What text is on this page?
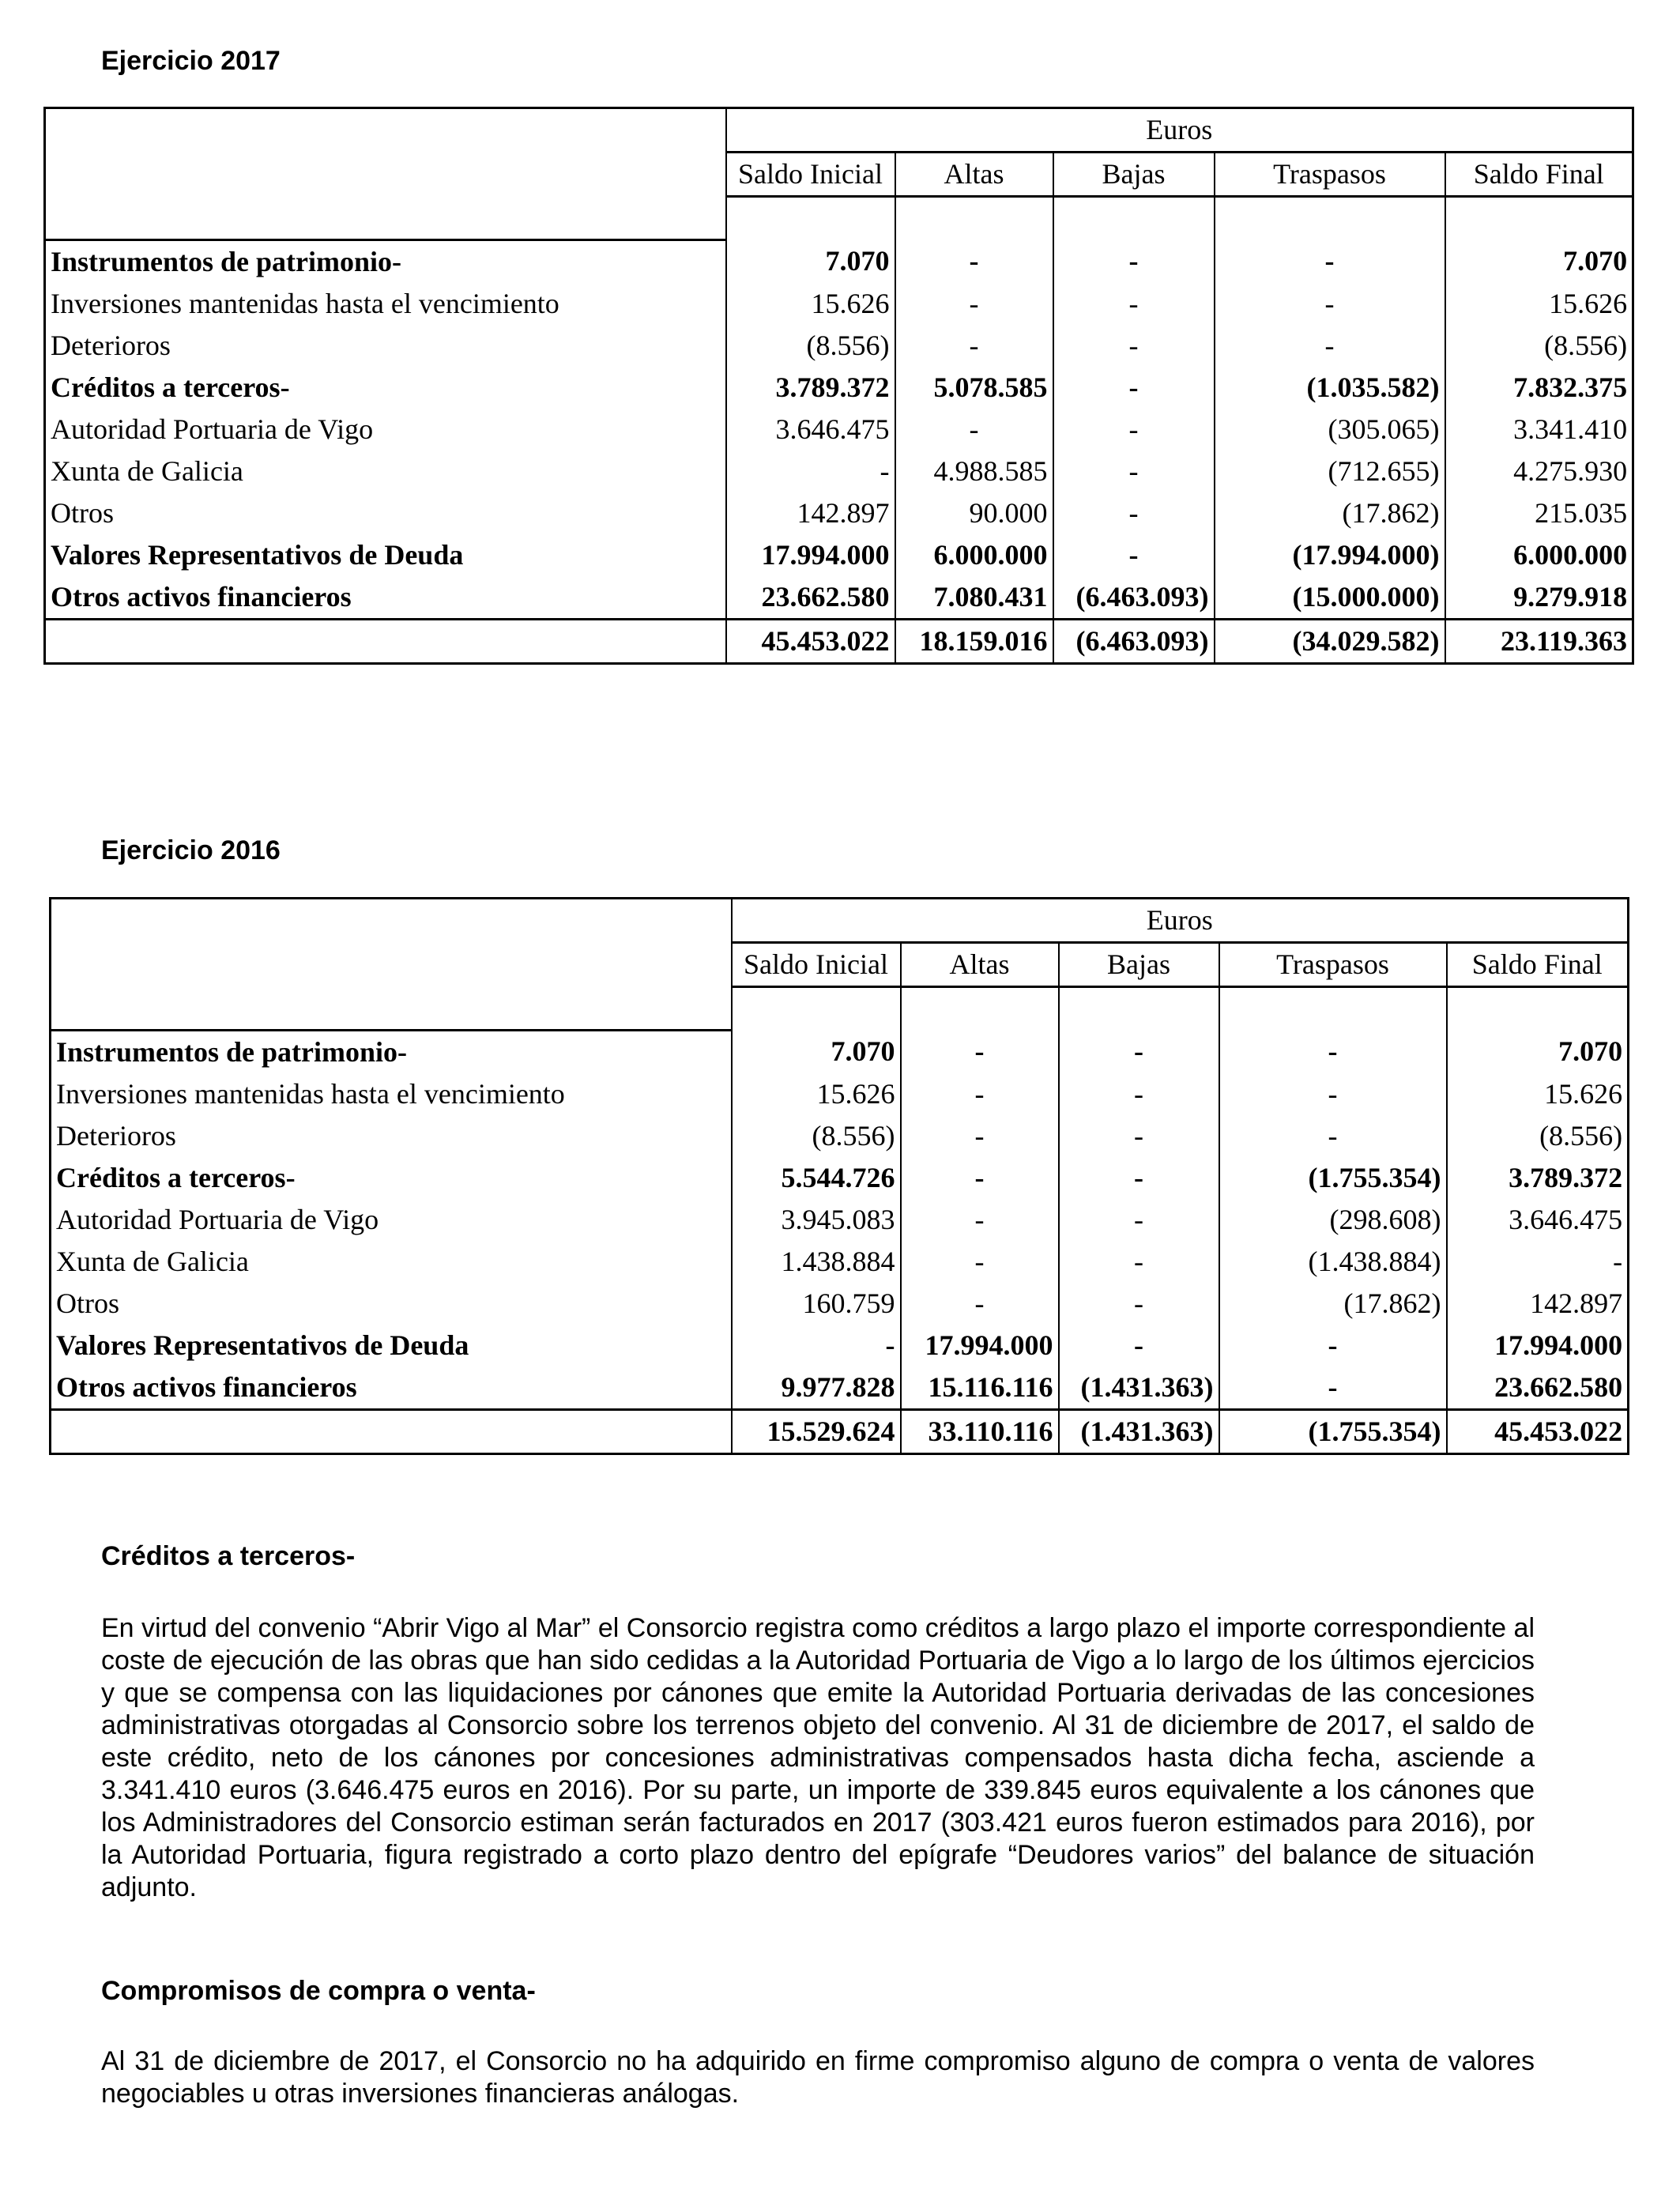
Ejercicio 2017
	Euros				
	Saldo Inicial	Altas	Bajas	Traspasos	Saldo Final

Instrumentos de patrimonio-	7.070	-	-	-	7.070
Inversiones mantenidas hasta el vencimiento	15.626	-	-	-	15.626
Deterioros	(8.556)	-	-	-	(8.556)
Créditos a terceros-	3.789.372	5.078.585	-	(1.035.582)	7.832.375
Autoridad Portuaria de Vigo	3.646.475	-	-	(305.065)	3.341.410
Xunta de Galicia	-	4.988.585	-	(712.655)	4.275.930
Otros	142.897	90.000	-	(17.862)	215.035
Valores Representativos de Deuda	17.994.000	6.000.000	-	(17.994.000)	6.000.000
Otros activos financieros	23.662.580	7.080.431	(6.463.093)	(15.000.000)	9.279.918
	45.453.022	18.159.016	(6.463.093)	(34.029.582)	23.119.363
Ejercicio 2016
	Euros				
	Saldo Inicial	Altas	Bajas	Traspasos	Saldo Final

Instrumentos de patrimonio-	7.070	-	-	-	7.070
Inversiones mantenidas hasta el vencimiento	15.626	-	-	-	15.626
Deterioros	(8.556)	-	-	-	(8.556)
Créditos a terceros-	5.544.726	-	-	(1.755.354)	3.789.372
Autoridad Portuaria de Vigo	3.945.083	-	-	(298.608)	3.646.475
Xunta de Galicia	1.438.884	-	-	(1.438.884)	-
Otros	160.759	-	-	(17.862)	142.897
Valores Representativos de Deuda	-	17.994.000	-	-	17.994.000
Otros activos financieros	9.977.828	15.116.116	(1.431.363)	-	23.662.580
	15.529.624	33.110.116	(1.431.363)	(1.755.354)	45.453.022
Créditos a terceros-
En virtud del convenio “Abrir Vigo al Mar” el Consorcio registra como créditos a largo plazo el importe correspondiente al coste de ejecución de las obras que han sido cedidas a la Autoridad Portuaria de Vigo a lo largo de los últimos ejercicios y que se compensa con las liquidaciones por cánones que emite la Autoridad Portuaria derivadas de las concesiones administrativas otorgadas al Consorcio sobre los terrenos objeto del convenio. Al 31 de diciembre de 2017, el saldo de este crédito, neto de los cánones por concesiones administrativas compensados hasta dicha fecha, asciende a 3.341.410 euros (3.646.475 euros en 2016). Por su parte, un importe de 339.845 euros equivalente a los cánones que los Administradores del Consorcio estiman serán facturados en 2017 (303.421 euros fueron estimados para 2016), por la Autoridad Portuaria, figura registrado a corto plazo dentro del epígrafe “Deudores varios” del balance de situación adjunto.
Compromisos de compra o venta-
Al 31 de diciembre de 2017, el Consorcio no ha adquirido en firme compromiso alguno de compra o venta de valores negociables u otras inversiones financieras análogas.
